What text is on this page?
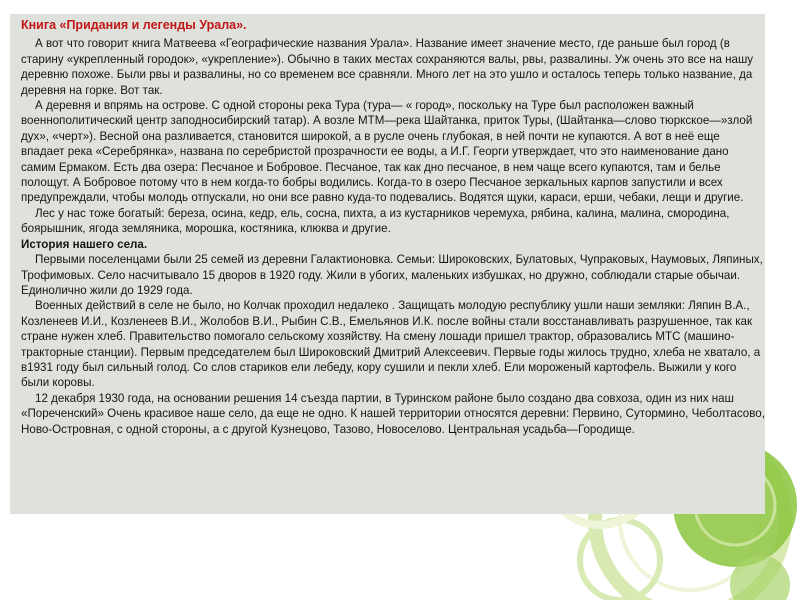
Книга «Придания и легенды Урала».

А вот что говорит книга Матвеева «Географические названия Урала». Название имеет значение место, где раньше был город (в старину «укрепленный городок», «укрепление»). Обычно в таких местах сохраняются валы, рвы, развалины. Уж очень это все на нашу деревню похоже. Были рвы и развалины, но со временем все сравняли. Много лет на это ушло и осталось теперь только название, да деревня на горке. Вот так.

А деревня и впрямь на острове. С одной стороны река Тура (тура— « город», поскольку на Туре был расположен важный военнополитический центр заподносибирский татар). А возле МТМ—река Шайтанка, приток Туры, (Шайтанка—слово тюркское—»злой дух», «черт»). Весной она разливается, становится широкой, а в русле очень глубокая, в ней почти не купаются. А вот в неё еще впадает река «Серебрянка», названа по серебристой прозрачности ее воды, а И.Г. Георги утверждает, что это наименование дано самим Ермаком. Есть два озера: Песчаное и Бобровое. Песчаное, так как дно песчаное, в нем чаще всего купаются, там и белье полощут. А Бобровое потому что в нем когда-то бобры водились. Когда-то в озеро Песчаное зеркальных карпов запустили и всех предупреждали, чтобы молодь отпускали, но они все равно куда-то подевались. Водятся щуки, караси, ерши, чебаки, лещи и другие.

Лес у нас тоже богатый: береза, осина, кедр, ель, сосна, пихта, а из кустарников черемуха, рябина, калина, малина, смородина, боярышник, ягода земляника, морошка, костяника, клюква и другие.

История нашего села.

Первыми поселенцами были 25 семей из деревни Галактионовка. Семьи: Широковских, Булатовых, Чупраковых, Наумовых, Ляпиных, Трофимовых. Село насчитывало 15 дворов в 1920 году. Жили в убогих, маленьких избушках, но дружно, соблюдали старые обычаи. Единолично жили до 1929 года.

Военных действий в селе не было, но Колчак проходил недалеко . Защищать молодую республику ушли наши земляки: Ляпин В.А., Козленеев И.И., Козленеев В.И., Жолобов В.И., Рыбин С.В., Емельянов И.К. после войны стали восстанавливать разрушенное, так как стране нужен хлеб. Правительство помогало сельскому хозяйству. На смену лошади пришел трактор, образовались МТС (машино-тракторные станции). Первым председателем был Широковский Дмитрий Алексеевич. Первые годы жилось трудно, хлеба не хватало, а в1931 году был сильный голод. Со слов стариков ели лебеду, кору сушили и пекли хлеб. Ели мороженый картофель. Выжили у кого были коровы.

12 декабря 1930 года, на основании решения 14 съезда партии, в Туринском районе было создано два совхоза, один из них наш «Пореченский» Очень красивое наше село, да еще не одно. К нашей территории относятся деревни: Первино, Сутормино, Чеболтасово, Ново-Островная, с одной стороны, а с другой Кузнецово, Тазово, Новоселово. Центральная усадьба—Городище.
